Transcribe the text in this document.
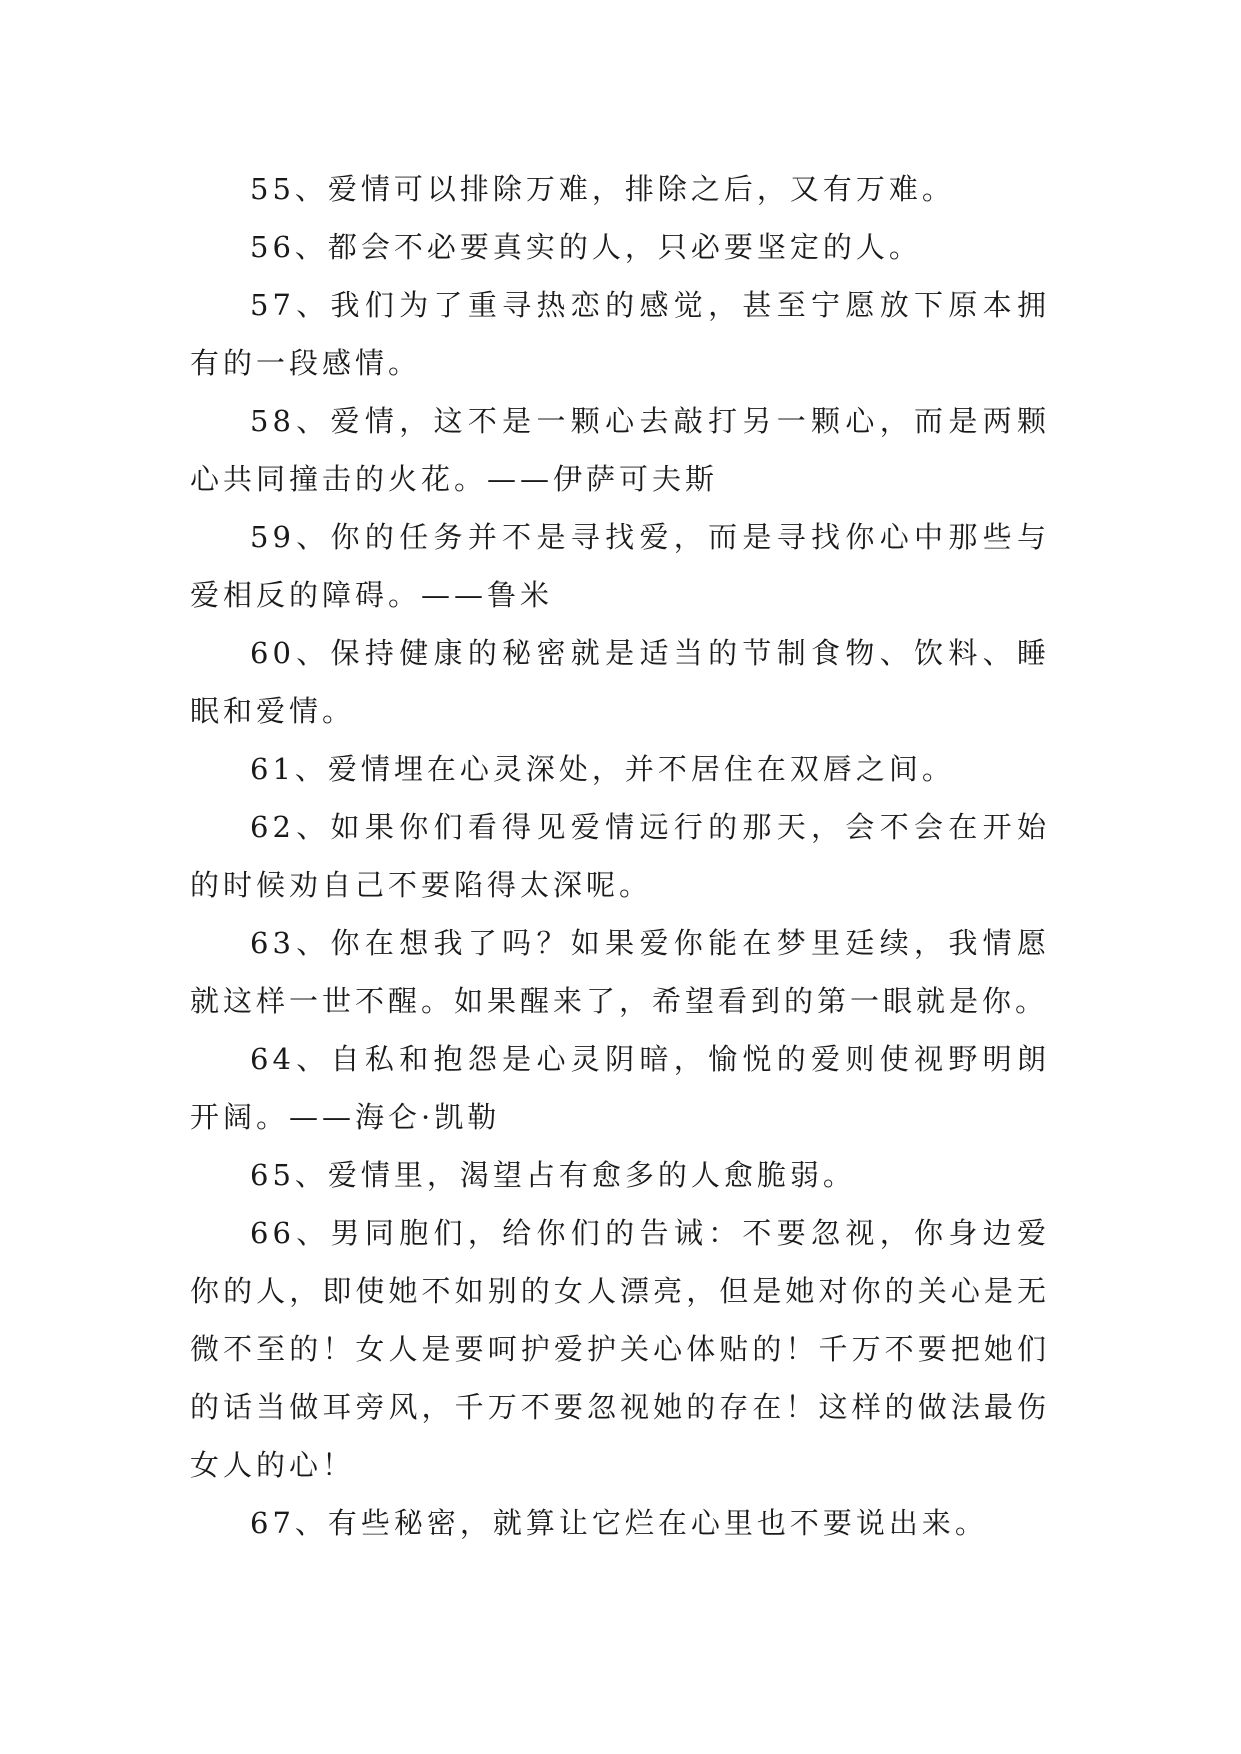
55、爱情可以排除万难，排除之后，又有万难。

56、都会不必要真实的人，只必要坚定的人。

57、我们为了重寻热恋的感觉，甚至宁愿放下原本拥有的一段感情。

58、爱情，这不是一颗心去敲打另一颗心，而是两颗心共同撞击的火花。——伊萨可夫斯

59、你的任务并不是寻找爱，而是寻找你心中那些与爱相反的障碍。——鲁米

60、保持健康的秘密就是适当的节制食物、饮料、睡眠和爱情。

61、爱情埋在心灵深处，并不居住在双唇之间。

62、如果你们看得见爱情远行的那天，会不会在开始的时候劝自己不要陷得太深呢。

63、你在想我了吗？如果爱你能在梦里廷续，我情愿就这样一世不醒。如果醒来了，希望看到的第一眼就是你。

64、自私和抱怨是心灵阴暗，愉悦的爱则使视野明朗开阔。——海仑·凯勒

65、爱情里，渴望占有愈多的人愈脆弱。

66、男同胞们，给你们的告诫：不要忽视，你身边爱你的人，即使她不如别的女人漂亮，但是她对你的关心是无微不至的！女人是要呵护爱护关心体贴的！千万不要把她们的话当做耳旁风，千万不要忽视她的存在！这样的做法最伤女人的心！

67、有些秘密，就算让它烂在心里也不要说出来。
